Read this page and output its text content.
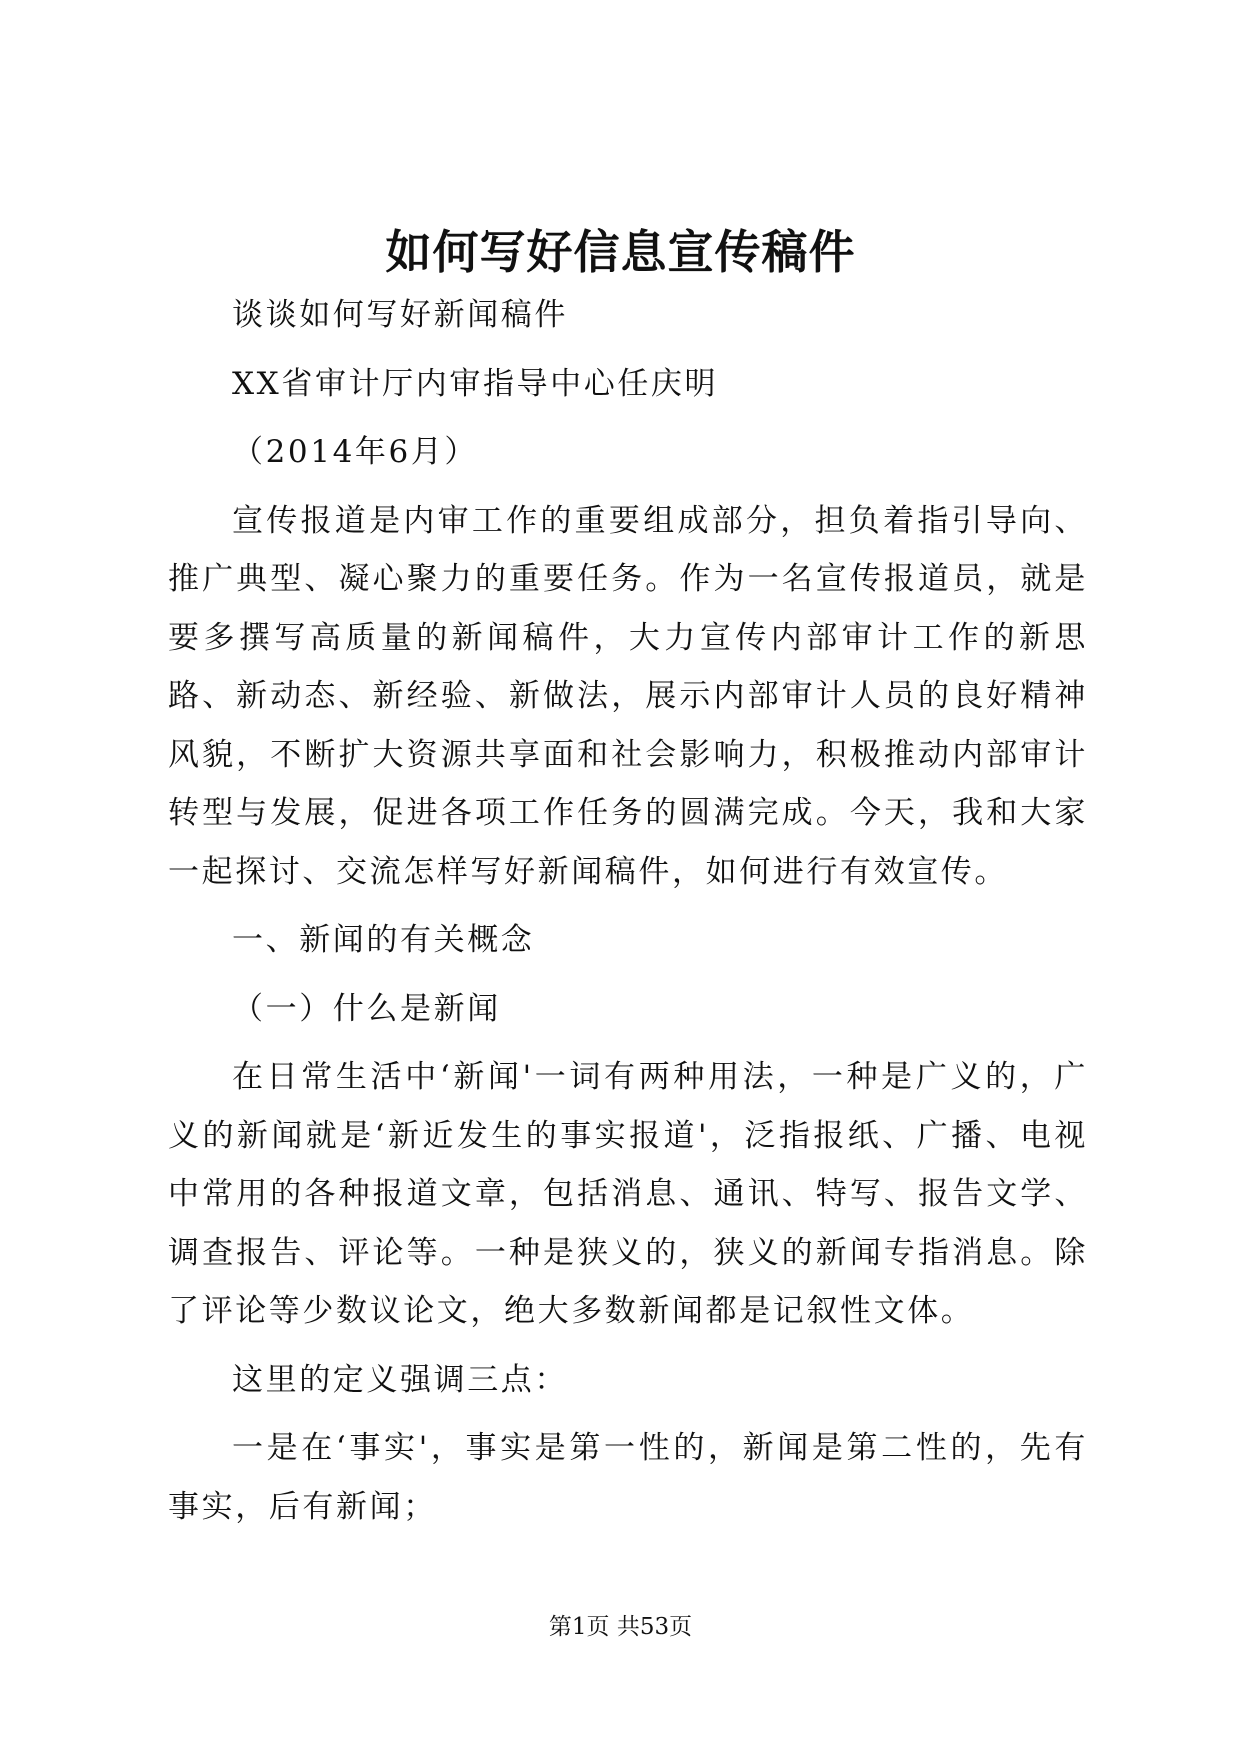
如何写好信息宣传稿件

谈谈如何写好新闻稿件

XX省审计厅内审指导中心任庆明

（2014年6月）

宣传报道是内审工作的重要组成部分，担负着指引导向、推广典型、凝心聚力的重要任务。作为一名宣传报道员，就是要多撰写高质量的新闻稿件，大力宣传内部审计工作的新思路、新动态、新经验、新做法，展示内部审计人员的良好精神风貌，不断扩大资源共享面和社会影响力，积极推动内部审计转型与发展，促进各项工作任务的圆满完成。今天，我和大家一起探讨、交流怎样写好新闻稿件，如何进行有效宣传。

一、新闻的有关概念

（一）什么是新闻

在日常生活中‘新闻'一词有两种用法，一种是广义的，广义的新闻就是‘新近发生的事实报道'，泛指报纸、广播、电视中常用的各种报道文章，包括消息、通讯、特写、报告文学、调查报告、评论等。一种是狭义的，狭义的新闻专指消息。除了评论等少数议论文，绝大多数新闻都是记叙性文体。

这里的定义强调三点：

一是在‘事实'，事实是第一性的，新闻是第二性的，先有事实，后有新闻；

第1页 共53页
